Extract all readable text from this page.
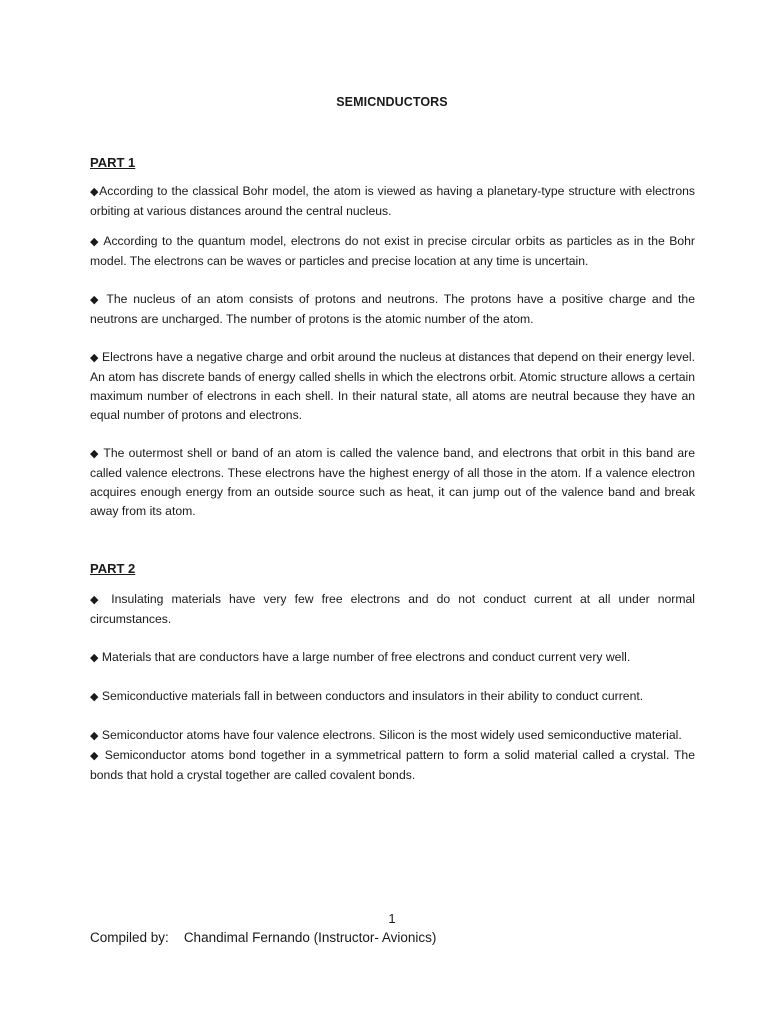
SEMICNDUCTORS

PART 1

◆According to the classical Bohr model, the atom is viewed as having a planetary-type structure with electrons orbiting at various distances around the central nucleus.

◆ According to the quantum model, electrons do not exist in precise circular orbits as particles as in the Bohr model. The electrons can be waves or particles and precise location at any time is uncertain.

◆ The nucleus of an atom consists of protons and neutrons. The protons have a positive charge and the neutrons are uncharged. The number of protons is the atomic number of the atom.

◆ Electrons have a negative charge and orbit around the nucleus at distances that depend on their energy level. An atom has discrete bands of energy called shells in which the electrons orbit. Atomic structure allows a certain maximum number of electrons in each shell. In their natural state, all atoms are neutral because they have an equal number of protons and electrons.

◆ The outermost shell or band of an atom is called the valence band, and electrons that orbit in this band are called valence electrons. These electrons have the highest energy of all those in the atom. If a valence electron acquires enough energy from an outside source such as heat, it can jump out of the valence band and break away from its atom.

PART 2

◆ Insulating materials have very few free electrons and do not conduct current at all under normal circumstances.

◆ Materials that are conductors have a large number of free electrons and conduct current very well.

◆ Semiconductive materials fall in between conductors and insulators in their ability to conduct current.

◆ Semiconductor atoms have four valence electrons. Silicon is the most widely used semiconductive material.

◆ Semiconductor atoms bond together in a symmetrical pattern to form a solid material called a crystal. The bonds that hold a crystal together are called covalent bonds.

1
Compiled by: Chandimal Fernando (Instructor- Avionics)
